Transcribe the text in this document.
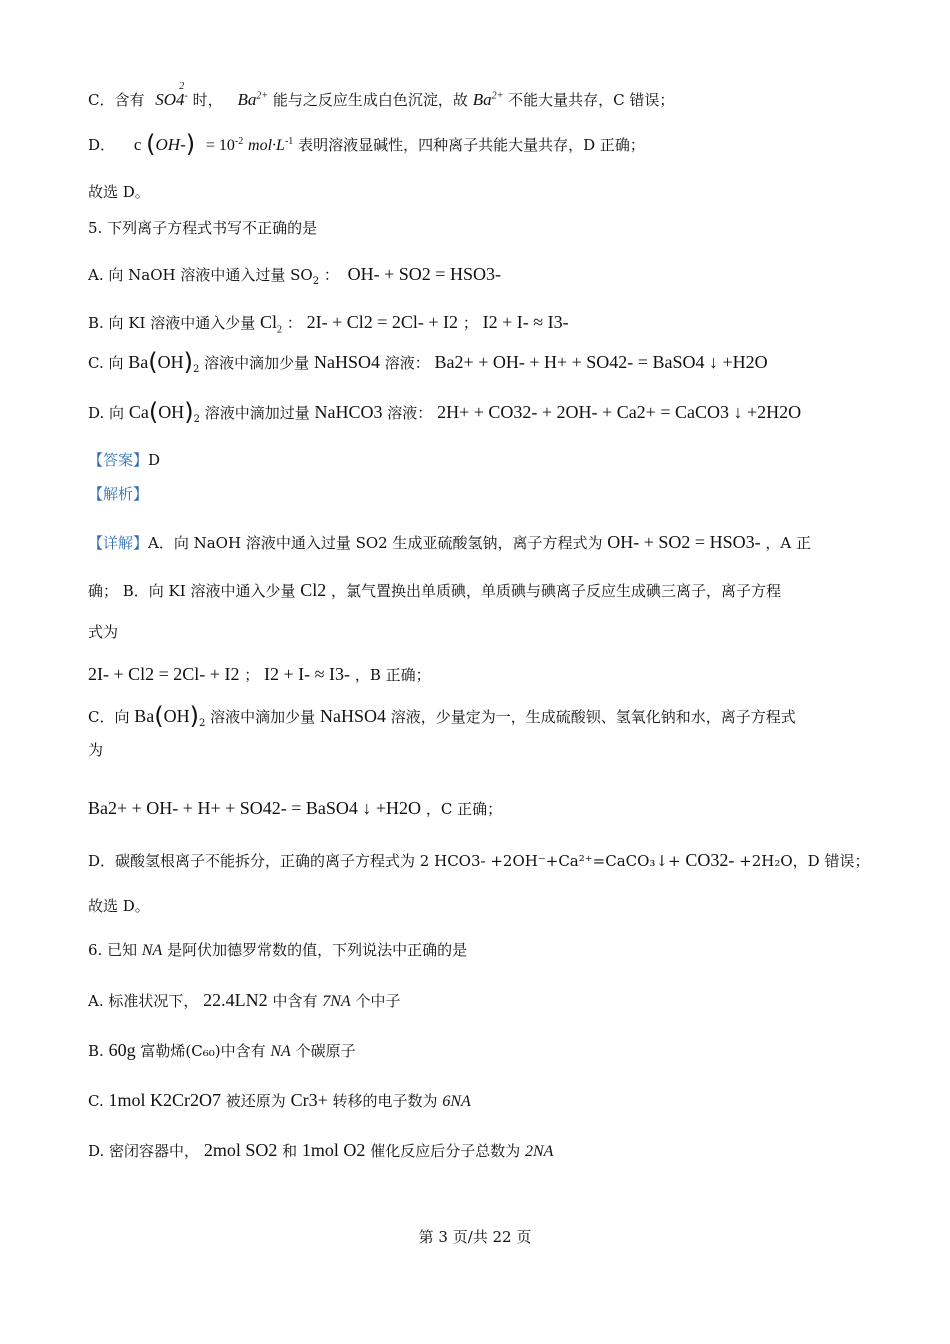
C．含有 SO4
2
- 时， $Ba^{2+}$ 能与之反应生成白色沉淀，故 $Ba^{2+}$ 不能大量共存，C 错误；
D． c $(OH-) = 10^{-2}$ $mol\cdot L^{-1}$ 表明溶液显碱性，四种离子共能大量共存，D 正确；
故选 D。
5. 下列离子方程式书写不正确的是
A. 向 NaOH 溶液中通入过量 $SO_2$ ： OH- + SO2 = HSO3-
B. 向 KI 溶液中通入少量 $Cl_2$ ： 2I- + Cl2 = 2Cl- + I2 ； I2 + I- ≈ I3-
C. 向 $Ba(OH)_2$ 溶液中滴加少量 NaHSO4 溶液： Ba2+ + OH- + H+ + SO42- = BaSO4 ↓ +H2O
D. 向 $Ca(OH)_2$ 溶液中滴加过量 NaHCO3 溶液： 2H+ + CO32- + 2OH- + Ca2+ = CaCO3 ↓ +2H2O
【答案】D
【解析】
【详解】A．向 NaOH 溶液中通入过量 SO2 生成亚硫酸氢钠，离子方程式为 OH- + SO2 = HSO3- ，A 正
确； B．向 KI 溶液中通入少量 Cl2 ，氯气置换出单质碘，单质碘与碘离子反应生成碘三离子，离子方程
式为
2I- + Cl2 = 2Cl- + I2 ； I2 + I- ≈ I3- ，B 正确；
C．向 $Ba(OH)_2$ 溶液中滴加少量 NaHSO4 溶液，少量定为一，生成硫酸钡、氢氧化钠和水，离子方程式
为
Ba2+ + OH- + H+ + SO42- = BaSO4 ↓ +H2O ，C 正确；
D．碳酸氢根离子不能拆分，正确的离子方程式为 2 HCO3- +2OH⁻+Ca²⁺=CaCO₃↓+ CO32- +2H₂O，D 错误；
故选 D。
6. 已知 NA 是阿伏加德罗常数的值，下列说法中正确的是
A. 标准状况下， 22.4LN2 中含有 7NA 个中子
B. 60g 富勒烯(C₆₀)中含有 NA 个碳原子
C. 1mol K2Cr2O7 被还原为 Cr3+ 转移的电子数为 6NA
D. 密闭容器中， 2mol SO2 和 1mol O2 催化反应后分子总数为 2NA
第 3 页/共 22 页
